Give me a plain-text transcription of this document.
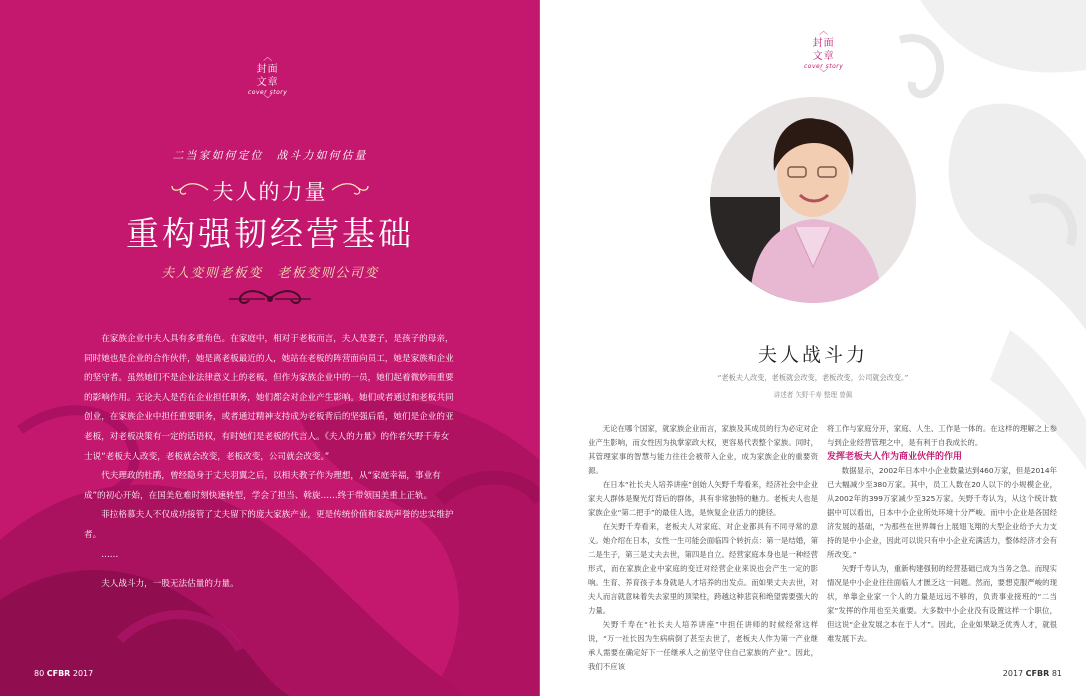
︿
封面
文章
cover story
﹀
二当家如何定位　战斗力如何估量
夫人的力量
重构强韧经营基础
夫人变则老板变　老板变则公司变

在家族企业中夫人具有多重角色。在家庭中，相对于老板而言，夫人是妻子，是孩子的母亲，同时她也是企业的合作伙伴，她是离老板最近的人，她站在老板的阵营面向员工，她是家族和企业的坚守者。虽然她们不是企业法律意义上的老板，但作为家族企业中的一员，她们起着微妙而重要的影响作用。无论夫人是否在企业担任职务，她们都会对企业产生影响。她们或者通过和老板共同创业，在家族企业中担任重要职务，或者通过精神支持成为老板背后的坚强后盾，她们是企业的亚老板，对老板决策有一定的话语权，有时她们是老板的代言人。《夫人的力量》的作者矢野千寿女士说“老板夫人改变，老板就会改变，老板改变，公司就会改变。”

代夫理政的杜鹃，曾经隐身于丈夫羽翼之后，以相夫教子作为理想，从“家庭幸福，事业有成”的初心开始，在国美危难时刻快速转型，学会了担当、斡旋……终于带领国美重上正轨。

菲拉格慕夫人不仅成功接管了丈夫留下的庞大家族产业，更是传统价值和家族声誉的忠实维护者。

……

夫人战斗力，一股无法估量的力量。

80 CFBR 2017
︿
封面
文章
cover story
﹀
夫人战斗力
“老板夫人改变，老板就会改变，老板改变，公司就会改变。”
讲述者 矢野千寿 整理 曾佩

无论在哪个国家，就家族企业而言，家族及其成员的行为必定对企业产生影响，而女性因为执掌家政大权，更容易代表整个家族。同时，其管理家事的智慧与能力往往会被带入企业，成为家族企业的重要资源。

在日本“社长夫人培养讲座”创始人矢野千寿看来，经济社会中企业家夫人群体是聚光灯背后的群体，具有非常独特的魅力。老板夫人也是家族企业“第二把手”的最佳人选，是恢复企业活力的捷径。

在矢野千寿看来，老板夫人对家庭、对企业都具有不同寻常的意义。她介绍在日本，女性一生可能会面临四个转折点：第一是结婚，第二是生子，第三是丈夫去世，第四是自立。经营家庭本身也是一种经营形式，而在家族企业中家庭的变迁对经营企业来说也会产生一定的影响。生育、养育孩子本身就是人才培养的出发点。而如果丈夫去世，对夫人而言就意味着失去家里的顶梁柱，跨越这种悲哀和绝望需要强大的力量。

矢野千寿在“社长夫人培养讲座”中担任讲师的时候经常这样说，“万一社长因为生病病倒了甚至去世了，老板夫人作为第一产业继承人需要在确定好下一任继承人之前坚守住自己家族的产业”。因此，我们不应该

将工作与家庭分开，家庭、人生、工作是一体的。在这样的理解之上参与到企业经营管理之中，是有利于自我成长的。

发挥老板夫人作为商业伙伴的作用

数据显示，2002年日本中小企业数量达到460万家，但是2014年已大幅减少至380万家。其中，员工人数在20人以下的小规模企业，从2002年的399万家减少至325万家。矢野千寿认为，从这个统计数据中可以看出，日本中小企业所处环境十分严峻。而中小企业是各国经济发展的基础，“为那些在世界舞台上展翅飞翔的大型企业给予大力支持的是中小企业，因此可以说只有中小企业充满活力，整体经济才会有所改变。”

矢野千寿认为，重新构建强韧的经营基础已成为当务之急。而现实情况是中小企业往往面临人才匮乏这一问题。然而，要想克服严峻的现状，单靠企业家一个人的力量是远远不够的，负责事业接班的“二当家”发挥的作用也至关重要。大多数中小企业没有设置这样一个职位，但这说“企业发展之本在于人才”。因此，企业如果缺乏优秀人才，就很难发展下去。

2017 CFBR 81
